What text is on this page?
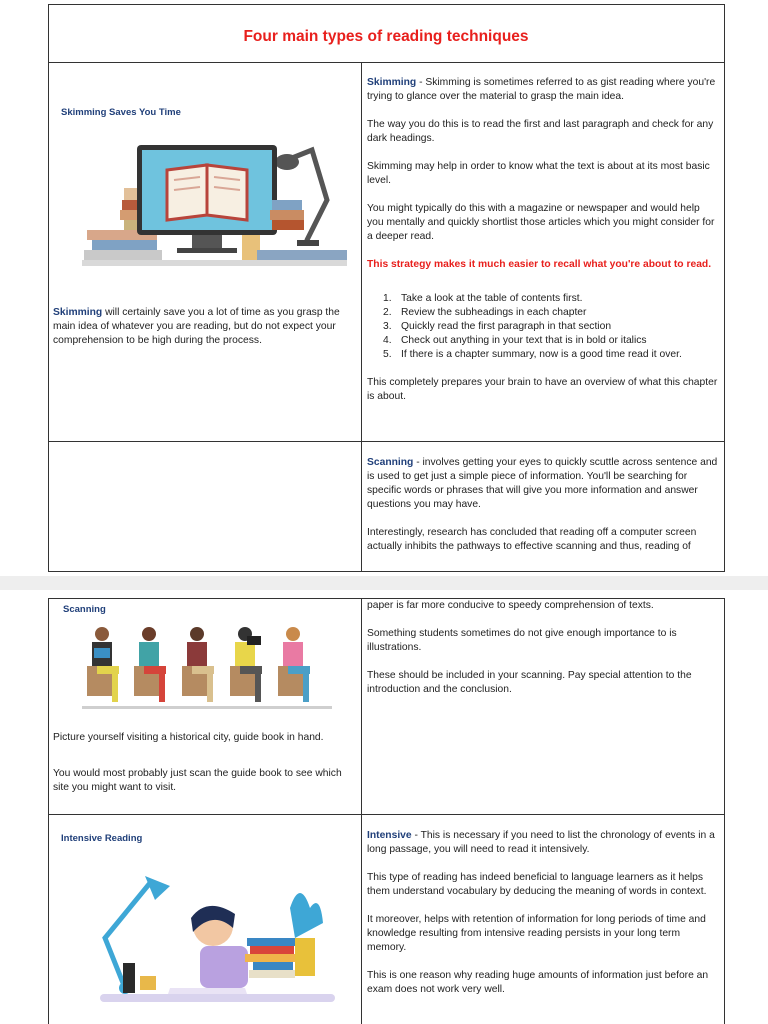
Four main types of reading techniques
Skimming Saves You Time
Skimming will certainly save you a lot of time as you grasp the main idea of whatever you are reading, but do not expect your comprehension to be high during the process.

Skimming - Skimming is sometimes referred to as gist reading where you're trying to glance over the material to grasp the main idea.

The way you do this is to read the first and last paragraph and check for any dark headings.

Skimming may help in order to know what the text is about at its most basic level.

You might typically do this with a magazine or newspaper and would help you mentally and quickly shortlist those articles which you might consider for a deeper read.

This strategy makes it much easier to recall what you're about to read.

1. Take a look at the table of contents first.
2. Review the subheadings in each chapter
3. Quickly read the first paragraph in that section
4. Check out anything in your text that is in bold or italics
5. If there is a chapter summary, now is a good time read it over.

This completely prepares your brain to have an overview of what this chapter is about.

Scanning - involves getting your eyes to quickly scuttle across sentence and is used to get just a simple piece of information. You'll be searching for specific words or phrases that will give you more information and answer questions you may have.

Interestingly, research has concluded that reading off a computer screen actually inhibits the pathways to effective scanning and thus, reading of

paper is far more conducive to speedy comprehension of texts.

Something students sometimes do not give enough importance to is illustrations.

These should be included in your scanning. Pay special attention to the introduction and the conclusion.

Scanning

Picture yourself visiting a historical city, guide book in hand.

You would most probably just scan the guide book to see which site you might want to visit.

Intensive Reading	Intensive - This is necessary if you need to list the chronology of events in a long passage, you will need to read it intensively.

This type of reading has indeed beneficial to language learners as it helps them understand vocabulary by deducing the meaning of words in context.

It moreover, helps with retention of information for long periods of time and knowledge resulting from intensive reading persists in your long term memory.

This is one reason why reading huge amounts of information just before an exam does not work very well.
